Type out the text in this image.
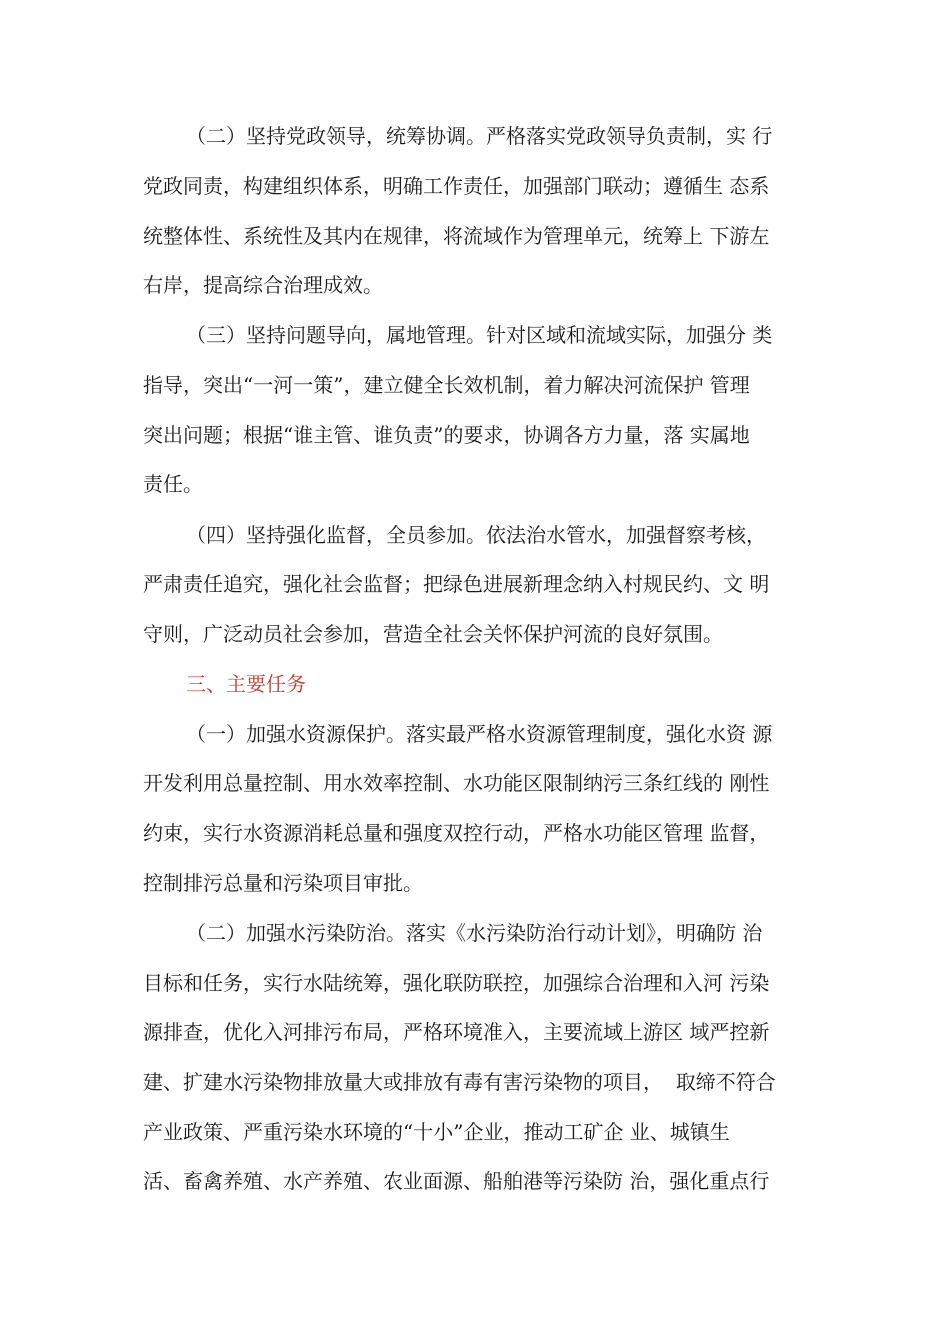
（二）坚持党政领导，统筹协调。严格落实党政领导负责制，实 行
党政同责，构建组织体系，明确工作责任，加强部门联动；遵循生 态系
统整体性、系统性及其内在规律，将流域作为管理单元，统筹上 下游左
右岸，提高综合治理成效。
（三）坚持问题导向，属地管理。针对区域和流域实际，加强分 类
指导，突出“一河一策”，建立健全长效机制，着力解决河流保护 管理
突出问题；根据“谁主管、谁负责”的要求，协调各方力量，落 实属地
责任。
（四）坚持强化监督，全员参加。依法治水管水，加强督察考核，
严肃责任追究，强化社会监督；把绿色进展新理念纳入村规民约、文 明
守则，广泛动员社会参加，营造全社会关怀保护河流的良好氛围。
三、主要任务
（一）加强水资源保护。落实最严格水资源管理制度，强化水资 源
开发利用总量控制、用水效率控制、水功能区限制纳污三条红线的 刚性
约束，实行水资源消耗总量和强度双控行动，严格水功能区管理 监督，
控制排污总量和污染项目审批。
（二）加强水污染防治。落实《水污染防治行动计划》，明确防 治
目标和任务，实行水陆统筹，强化联防联控，加强综合治理和入河 污染
源排查，优化入河排污布局，严格环境准入，主要流域上游区 域严控新
建、扩建水污染物排放量大或排放有毒有害污染物的项目，  取缔不符合
产业政策、严重污染水环境的“十小”企业，推动工矿企 业、城镇生
活、畜禽养殖、水产养殖、农业面源、船舶港等污染防 治，强化重点行
